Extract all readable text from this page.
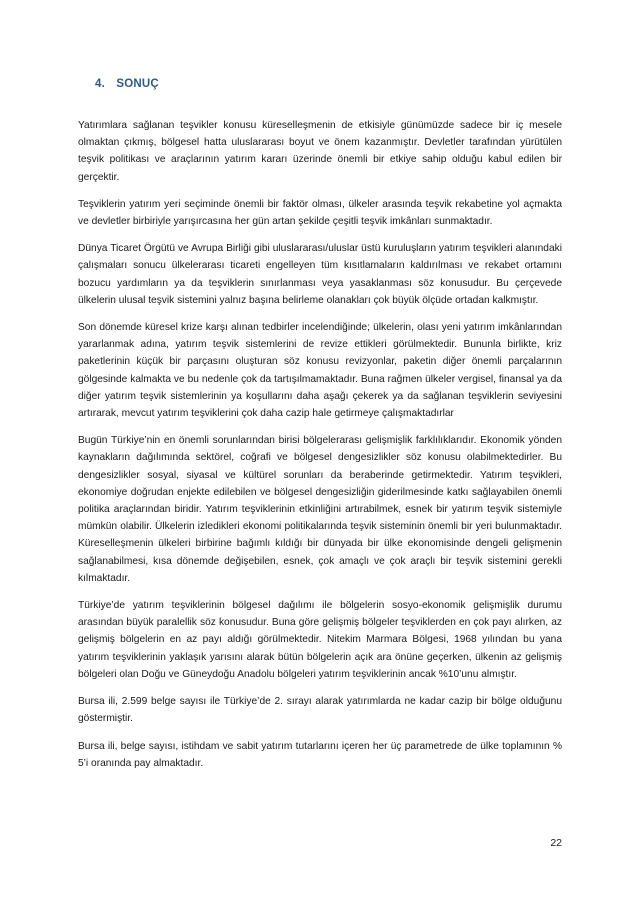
4. SONUÇ

Yatırımlara sağlanan teşvikler konusu küreselleşmenin de etkisiyle günümüzde sadece bir iç mesele olmaktan çıkmış, bölgesel hatta uluslararası boyut ve önem kazanmıştır. Devletler tarafından yürütülen teşvik politikası ve araçlarının yatırım kararı üzerinde önemli bir etkiye sahip olduğu kabul edilen bir gerçektir.

Teşviklerin yatırım yeri seçiminde önemli bir faktör olması, ülkeler arasında teşvik rekabetine yol açmakta ve devletler birbiriyle yarışırcasına her gün artan şekilde çeşitli teşvik imkânları sunmaktadır.

Dünya Ticaret Örgütü ve Avrupa Birliği gibi uluslararası/uluslar üstü kuruluşların yatırım teşvikleri alanındaki çalışmaları sonucu ülkelerarası ticareti engelleyen tüm kısıtlamaların kaldırılması ve rekabet ortamını bozucu yardımların ya da teşviklerin sınırlanması veya yasaklanması söz konusudur. Bu çerçevede ülkelerin ulusal teşvik sistemini yalnız başına belirleme olanakları çok büyük ölçüde ortadan kalkmıştır.

Son dönemde küresel krize karşı alınan tedbirler incelendiğinde; ülkelerin, olası yeni yatırım imkânlarından yararlanmak adına, yatırım teşvik sistemlerini de revize ettikleri görülmektedir. Bununla birlikte, kriz paketlerinin küçük bir parçasını oluşturan söz konusu revizyonlar, paketin diğer önemli parçalarının gölgesinde kalmakta ve bu nedenle çok da tartışılmamaktadır. Buna rağmen ülkeler vergisel, finansal ya da diğer yatırım teşvik sistemlerinin ya koşullarını daha aşağı çekerek ya da sağlanan teşviklerin seviyesini artırarak, mevcut yatırım teşviklerini çok daha cazip hale getirmeye çalışmaktadırlar

Bugün Türkiye’nin en önemli sorunlarından birisi bölgelerarası gelişmişlik farklılıklarıdır. Ekonomik yönden kaynakların dağılımında sektörel, coğrafi ve bölgesel dengesizlikler söz konusu olabilmektedirler. Bu dengesizlikler sosyal, siyasal ve kültürel sorunları da beraberinde getirmektedir. Yatırım teşvikleri, ekonomiye doğrudan enjekte edilebilen ve bölgesel dengesizliğin giderilmesinde katkı sağlayabilen önemli politika araçlarından biridir. Yatırım teşviklerinin etkinliğini artırabilmek, esnek bir yatırım teşvik sistemiyle mümkün olabilir. Ülkelerin izledikleri ekonomi politikalarında teşvik sisteminin önemli bir yeri bulunmaktadır. Küreselleşmenin ülkeleri birbirine bağımlı kıldığı bir dünyada bir ülke ekonomisinde dengeli gelişmenin sağlanabilmesi, kısa dönemde değişebilen, esnek, çok amaçlı ve çok araçlı bir teşvik sistemini gerekli kılmaktadır.

Türkiye’de yatırım teşviklerinin bölgesel dağılımı ile bölgelerin sosyo-ekonomik gelişmişlik durumu arasından büyük paralellik söz konusudur. Buna göre gelişmiş bölgeler teşviklerden en çok payı alırken, az gelişmiş bölgelerin en az payı aldığı görülmektedir. Nitekim Marmara Bölgesi, 1968 yılından bu yana yatırım teşviklerinin yaklaşık yarısını alarak bütün bölgelerin açık ara önüne geçerken, ülkenin az gelişmiş bölgeleri olan Doğu ve Güneydoğu Anadolu bölgeleri yatırım teşviklerinin ancak %10’unu almıştır.

Bursa ili, 2.599 belge sayısı ile Türkiye’de 2. sırayı alarak yatırımlarda ne kadar cazip bir bölge olduğunu göstermiştir.

Bursa ili, belge sayısı, istihdam ve sabit yatırım tutarlarını içeren her üç parametrede de ülke toplamının % 5’i oranında pay almaktadır.

22
